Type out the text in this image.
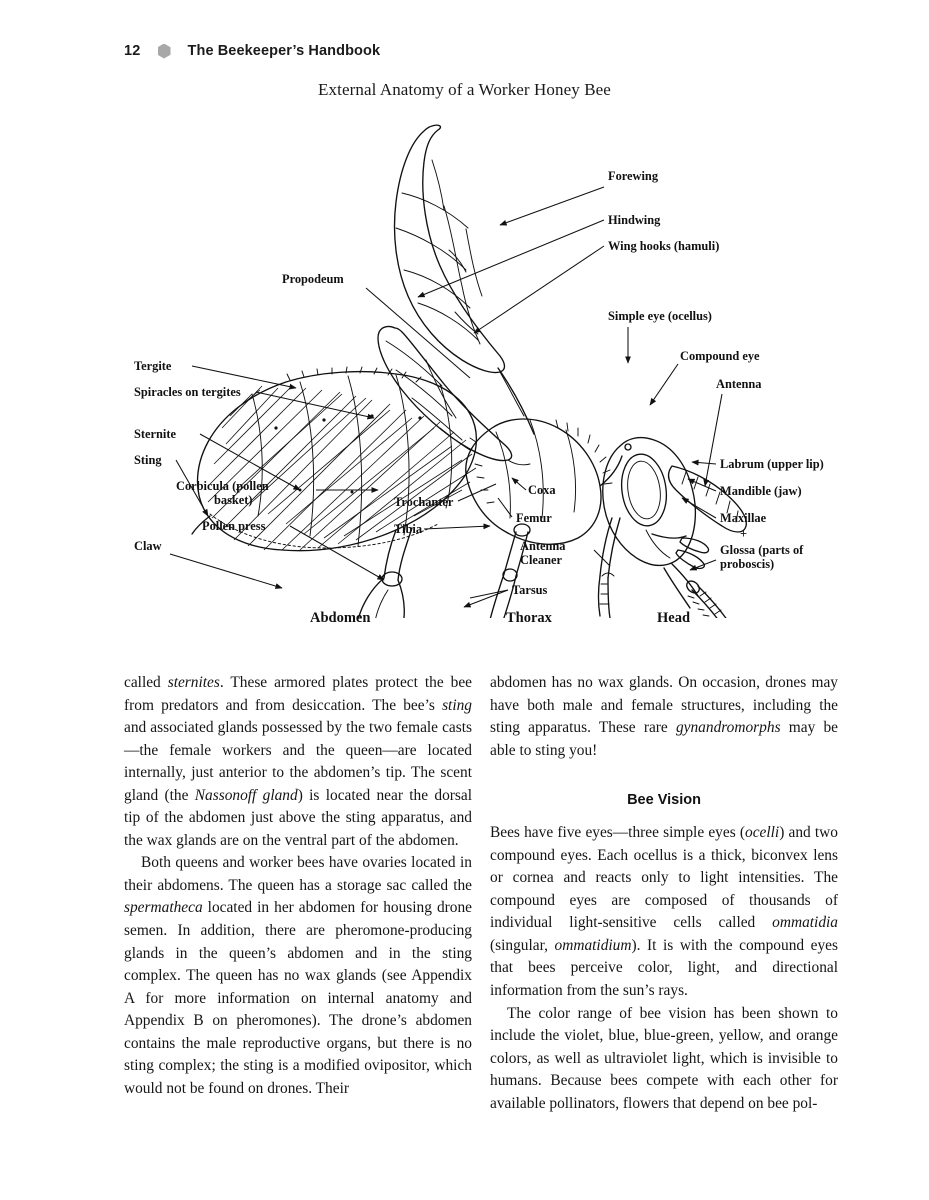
12	The Beekeeper’s Handbook
External Anatomy of a Worker Honey Bee
Forewing
Hindwing
Wing hooks (hamuli)
Simple eye (ocellus)
Compound eye
Antenna
Labrum (upper lip)
Mandible (jaw)
Maxillae
+
Glossa (parts of
proboscis)
Propodeum
Tergite
Spiracles on tergites
Sternite
Sting
Corbicula (pollen
basket)
Pollen press
Claw
Trochanter
Tibia
Coxa
Femur
Antenna
Cleaner
Tarsus
Abdomen	Thorax	Head

called sternites. These armored plates protect the bee from predators and from desiccation. The bee’s sting and associated glands possessed by the two female casts—the female workers and the queen—are located internally, just anterior to the abdomen’s tip. The scent gland (the Nassonoff gland) is located near the dorsal tip of the abdomen just above the sting apparatus, and the wax glands are on the ventral part of the abdomen.

Both queens and worker bees have ovaries located in their abdomens. The queen has a storage sac called the spermatheca located in her abdomen for housing drone semen. In addition, there are pheromone-producing glands in the queen’s abdomen and in the sting complex. The queen has no wax glands (see Appendix A for more information on internal anatomy and Appendix B on pheromones). The drone’s abdomen contains the male reproductive organs, but there is no sting complex; the sting is a modified ovipositor, which would not be found on drones. Their

abdomen has no wax glands. On occasion, drones may have both male and female structures, including the sting apparatus. These rare gynandromorphs may be able to sting you!

Bee Vision

Bees have five eyes—three simple eyes (ocelli) and two compound eyes. Each ocellus is a thick, biconvex lens or cornea and reacts only to light intensities. The compound eyes are composed of thousands of individual light-sensitive cells called ommatidia (singular, ommatidium). It is with the compound eyes that bees perceive color, light, and directional information from the sun’s rays.

The color range of bee vision has been shown to include the violet, blue, blue-green, yellow, and orange colors, as well as ultraviolet light, which is invisible to humans. Because bees compete with each other for available pollinators, flowers that depend on bee pol-
